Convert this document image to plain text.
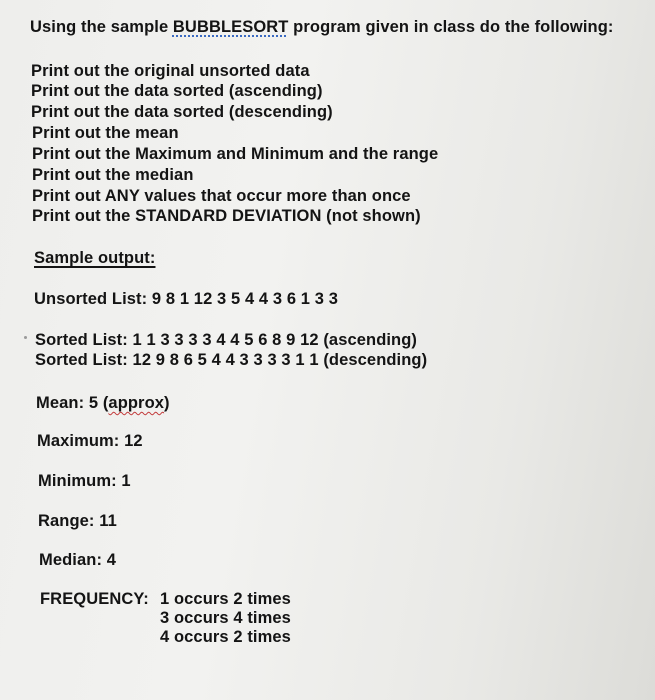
Using the sample BUBBLESORT program given in class do the following:
Print out the original unsorted data
Print out the data sorted (ascending)
Print out the data sorted (descending)
Print out the mean
Print out the Maximum and Minimum and the range
Print out the median
Print out ANY values that occur more than once
Print out the STANDARD DEVIATION (not shown)
Sample output:
Unsorted List: 9 8 1 12 3 5 4 4 3 6 1 3 3
Sorted List: 1 1 3 3 3 3 4 4 5 6 8 9 12 (ascending)
Sorted List: 12 9 8 6 5 4 4 3 3 3 3 1 1 (descending)
Mean: 5 (approx)
Maximum: 12
Minimum: 1
Range: 11
Median: 4
FREQUENCY: 1 occurs 2 times
3 occurs 4 times
4 occurs 2 times
